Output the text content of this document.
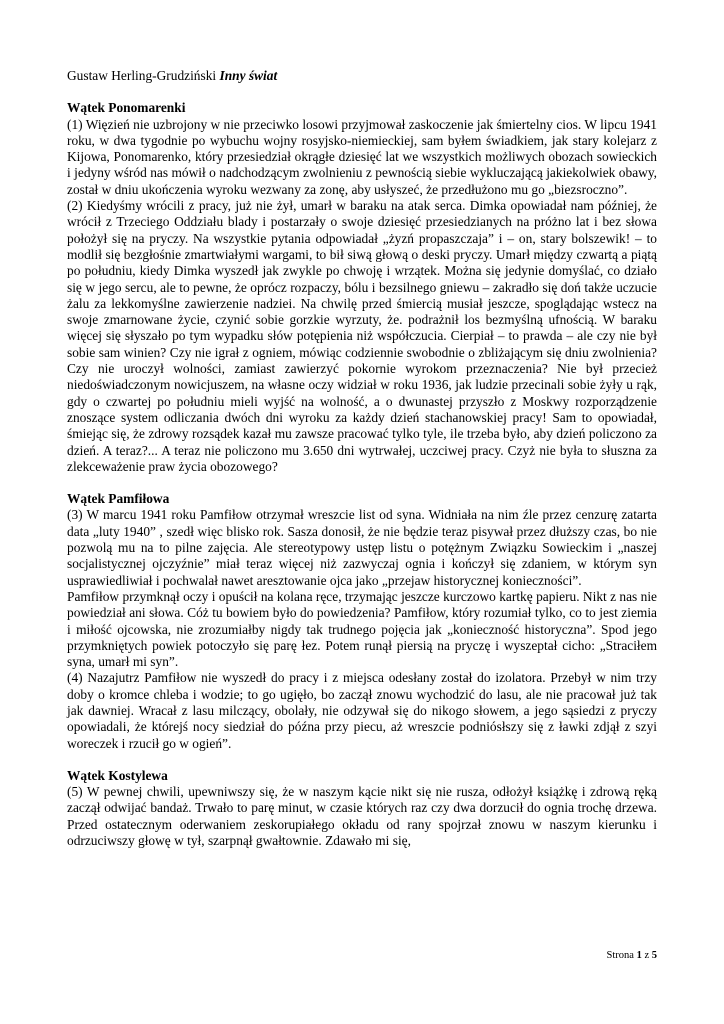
Gustaw Herling-Grudziński Inny świat

Wątek Ponomarenki

(1) Więzień nie uzbrojony w nie przeciwko losowi przyjmował zaskoczenie jak śmiertelny cios. W lipcu 1941 roku, w dwa tygodnie po wybuchu wojny rosyjsko-niemieckiej, sam byłem świadkiem, jak stary kolejarz z Kijowa, Ponomarenko, który przesiedział okrągłe dziesięć lat we wszystkich możliwych obozach sowieckich i jedyny wśród nas mówił o nadchodzącym zwolnieniu z pewnością siebie wykluczającą jakiekolwiek obawy, został w dniu ukończenia wyroku wezwany za zonę, aby usłyszeć, że przedłużono mu go „biezsroczno”.

(2) Kiedyśmy wrócili z pracy, już nie żył, umarł w baraku na atak serca. Dimka opowiadał nam później, że wrócił z Trzeciego Oddziału blady i postarzały o swoje dziesięć przesiedzianych na próżno lat i bez słowa położył się na pryczy. Na wszystkie pytania odpowiadał „żyzń propaszczaja” i – on, stary bolszewik! – to modlił się bezgłośnie zmartwiałymi wargami, to bił siwą głową o deski pryczy. Umarł między czwartą a piątą po południu, kiedy Dimka wyszedł jak zwykle po chwoję i wrzątek. Można się jedynie domyślać, co działo się w jego sercu, ale to pewne, że oprócz rozpaczy, bólu i bezsilnego gniewu – zakradło się doń także uczucie żalu za lekkomyślne zawierzenie nadziei. Na chwilę przed śmiercią musiał jeszcze, spoglądając wstecz na swoje zmarnowane życie, czynić sobie gorzkie wyrzuty, że. podrażnił los bezmyślną ufnością. W baraku więcej się słyszało po tym wypadku słów potępienia niż współczucia. Cierpiał – to prawda – ale czy nie był sobie sam winien? Czy nie igrał z ogniem, mówiąc codziennie swobodnie o zbliżającym się dniu zwolnienia? Czy nie uroczył wolności, zamiast zawierzyć pokornie wyrokom przeznaczenia? Nie był przecież niedoświadczonym nowicjuszem, na własne oczy widział w roku 1936, jak ludzie przecinali sobie żyły u rąk, gdy o czwartej po południu mieli wyjść na wolność, a o dwunastej przyszło z Moskwy rozporządzenie znoszące system odliczania dwóch dni wyroku za każdy dzień stachanowskiej pracy! Sam to opowiadał, śmiejąc się, że zdrowy rozsądek kazał mu zawsze pracować tylko tyle, ile trzeba było, aby dzień policzono za dzień. A teraz?... A teraz nie policzono mu 3.650 dni wytrwałej, uczciwej pracy. Czyż nie była to słuszna za zlekceważenie praw życia obozowego?

Wątek Pamfiłowa

(3) W marcu 1941 roku Pamfiłow otrzymał wreszcie list od syna. Widniała na nim źle przez cenzurę zatarta data „luty 1940” , szedł więc blisko rok. Sasza donosił, że nie będzie teraz pisywał przez dłuższy czas, bo nie pozwolą mu na to pilne zajęcia. Ale stereotypowy ustęp listu o potężnym Związku Sowieckim i „naszej socjalistycznej ojczyźnie” miał teraz więcej niż zazwyczaj ognia i kończył się zdaniem, w którym syn usprawiedliwiał i pochwalał nawet aresztowanie ojca jako „przejaw historycznej konieczności”.

Pamfiłow przymknął oczy i opuścił na kolana ręce, trzymając jeszcze kurczowo kartkę papieru. Nikt z nas nie powiedział ani słowa. Cóż tu bowiem było do powiedzenia? Pamfiłow, który rozumiał tylko, co to jest ziemia i miłość ojcowska, nie zrozumiałby nigdy tak trudnego pojęcia jak „konieczność historyczna”. Spod jego przymkniętych powiek potoczyło się parę łez. Potem runął piersią na pryczę i wyszeptał cicho: „Straciłem syna, umarł mi syn”.

(4) Nazajutrz Pamfiłow nie wyszedł do pracy i z miejsca odesłany został do izolatora. Przebył w nim trzy doby o kromce chleba i wodzie; to go ugięło, bo zaczął znowu wychodzić do lasu, ale nie pracował już tak jak dawniej. Wracał z lasu milczący, obolały, nie odzywał się do nikogo słowem, a jego sąsiedzi z pryczy opowiadali, że którejś nocy siedział do późna przy piecu, aż wreszcie podniósłszy się z ławki zdjął z szyi woreczek i rzucił go w ogień”.

Wątek Kostylewa

(5) W pewnej chwili, upewniwszy się, że w naszym kącie nikt się nie rusza, odłożył książkę i zdrową ręką zaczął odwijać bandaż. Trwało to parę minut, w czasie których raz czy dwa dorzucił do ognia trochę drzewa. Przed ostatecznym oderwaniem zeskorupiałego okładu od rany spojrzał znowu w naszym kierunku i odrzuciwszy głowę w tył, szarpnął gwałtownie. Zdawało mi się,

Strona 1 z 5
